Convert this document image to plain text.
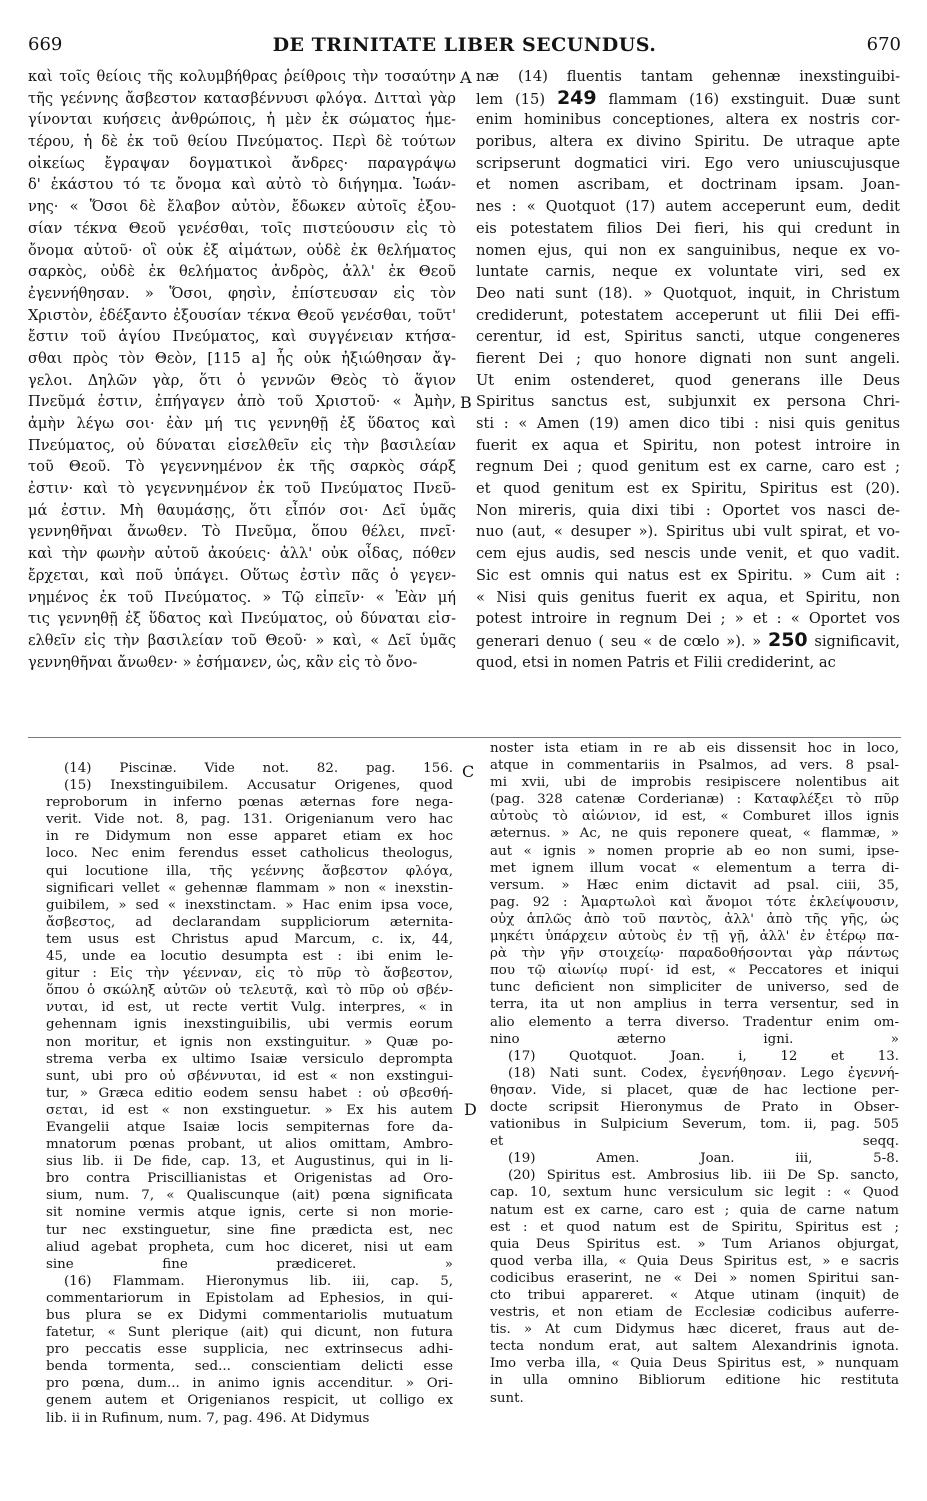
669	DE TRINITATE LIBER SECUNDUS.	670
καὶ τοῖς θείοις τῆς κολυμβήθρας ῥείθροις τὴν τοσαύτην
τῆς γεέννης ἄσβεστον κατασβέννυσι φλόγα. Διτταὶ γὰρ
γίνονται κυήσεις ἀνθρώποις, ἡ μὲν ἐκ σώματος ἡμε-
τέρου, ἡ δὲ ἐκ τοῦ θείου Πνεύματος. Περὶ δὲ τούτων
οἰκείως ἔγραψαν δογματικοὶ ἄνδρες· παραγράψω
δ' ἑκάστου τό τε ὄνομα καὶ αὐτὸ τὸ διήγημα. Ἰωάν-
νης· « Ὅσοι δὲ ἔλαβον αὐτὸν, ἔδωκεν αὐτοῖς ἐξου-
σίαν τέκνα Θεοῦ γενέσθαι, τοῖς πιστεύουσιν εἰς τὸ
ὄνομα αὐτοῦ· οἳ οὐκ ἐξ αἱμάτων, οὐδὲ ἐκ θελήματος
σαρκὸς, οὐδὲ ἐκ θελήματος ἀνδρὸς, ἀλλ' ἐκ Θεοῦ
ἐγεννήθησαν. » Ὅσοι, φησὶν, ἐπίστευσαν εἰς τὸν
Χριστὸν, ἐδέξαντο ἐξουσίαν τέκνα Θεοῦ γενέσθαι, τοῦτ'
ἔστιν τοῦ ἁγίου Πνεύματος, καὶ συγγένειαν κτήσα-
σθαι πρὸς τὸν Θεὸν, [115 a] ἧς οὐκ ἠξιώθησαν ἄγ-
γελοι. Δηλῶν γὰρ, ὅτι ὁ γεννῶν Θεὸς τὸ ἅγιον
Πνεῦμά ἐστιν, ἐπήγαγεν ἀπὸ τοῦ Χριστοῦ· « Ἀμὴν,
ἀμὴν λέγω σοι· ἐὰν μή τις γεννηθῇ ἐξ ὕδατος καὶ
Πνεύματος, οὐ δύναται εἰσελθεῖν εἰς τὴν βασιλείαν
τοῦ Θεοῦ. Τὸ γεγεννημένον ἐκ τῆς σαρκὸς σάρξ
ἐστιν· καὶ τὸ γεγεννημένον ἐκ τοῦ Πνεύματος Πνεῦ-
μά ἐστιν. Μὴ θαυμάσῃς, ὅτι εἶπόν σοι· Δεῖ ὑμᾶς
γεννηθῆναι ἄνωθεν. Τὸ Πνεῦμα, ὅπου θέλει, πνεῖ·
καὶ τὴν φωνὴν αὐτοῦ ἀκούεις· ἀλλ' οὐκ οἶδας, πόθεν
ἔρχεται, καὶ ποῦ ὑπάγει. Οὕτως ἐστὶν πᾶς ὁ γεγεν-
νημένος ἐκ τοῦ Πνεύματος. » Τῷ εἰπεῖν· « Ἐὰν μή
τις γεννηθῇ ἐξ ὕδατος καὶ Πνεύματος, οὐ δύναται εἰσ-
ελθεῖν εἰς τὴν βασιλείαν τοῦ Θεοῦ· » καὶ, « Δεῖ ὑμᾶς
γεννηθῆναι ἄνωθεν· » ἐσήμανεν, ὡς, κἂν εἰς τὸ ὄνο-
næ (14) fluentis tantam gehennæ inexstinguibi-
lem (15) 249 flammam (16) exstinguit. Duæ sunt
enim hominibus conceptiones, altera ex nostris cor-
poribus, altera ex divino Spiritu. De utraque apte
scripserunt dogmatici viri. Ego vero uniuscujusque
et nomen ascribam, et doctrinam ipsam. Joan-
nes : « Quotquot (17) autem acceperunt eum, dedit
eis potestatem filios Dei fieri, his qui credunt in
nomen ejus, qui non ex sanguinibus, neque ex vo-
luntate carnis, neque ex voluntate viri, sed ex
Deo nati sunt (18). » Quotquot, inquit, in Christum
crediderunt, potestatem acceperunt ut filii Dei effi-
cerentur, id est, Spiritus sancti, utque congeneres
fierent Dei ; quo honore dignati non sunt angeli.
Ut enim ostenderet, quod generans ille Deus
Spiritus sanctus est, subjunxit ex persona Chri-
sti : « Amen (19) amen dico tibi : nisi quis genitus
fuerit ex aqua et Spiritu, non potest introire in
regnum Dei ; quod genitum est ex carne, caro est ;
et quod genitum est ex Spiritu, Spiritus est (20).
Non mireris, quia dixi tibi : Oportet vos nasci de-
nuo (aut, « desuper »). Spiritus ubi vult spirat, et vo-
cem ejus audis, sed nescis unde venit, et quo vadit.
Sic est omnis qui natus est ex Spiritu. » Cum ait :
« Nisi quis genitus fuerit ex aqua, et Spiritu, non
potest introire in regnum Dei ; » et : « Oportet vos
generari denuo ( seu « de cœlo »). » 250 significavit,
quod, etsi in nomen Patris et Filii crediderint, ac
A
B
C
D
(14) Piscinæ. Vide not. 82. pag. 156.
(15) Inexstinguibilem. Accusatur Origenes, quod
reproborum in inferno pœnas æternas fore nega-
verit. Vide not. 8, pag. 131. Origenianum vero hac
in re Didymum non esse apparet etiam ex hoc
loco. Nec enim ferendus esset catholicus theologus,
qui locutione illa, τῆς γεέννης ἄσβεστον φλόγα,
significari vellet « gehennæ flammam » non « inexstin-
guibilem, » sed « inexstinctam. » Hac enim ipsa voce,
ἄσβεστος, ad declarandam suppliciorum æternita-
tem usus est Christus apud Marcum, c. ix, 44,
45, unde ea locutio desumpta est : ibi enim le-
gitur : Εἰς τὴν γέενναν, εἰς τὸ πῦρ τὸ ἄσβεστον,
ὅπου ὁ σκώληξ αὐτῶν οὐ τελευτᾷ, καὶ τὸ πῦρ οὐ σβέν-
νυται, id est, ut recte vertit Vulg. interpres, « in
gehennam ignis inexstinguibilis, ubi vermis eorum
non moritur, et ignis non exstinguitur. » Quæ po-
strema verba ex ultimo Isaiæ versiculo deprompta
sunt, ubi pro οὐ σβέννυται, id est « non exstingui-
tur, » Græca editio eodem sensu habet : οὐ σβεσθή-
σεται, id est « non exstinguetur. » Ex his autem
Evangelii atque Isaiæ locis sempiternas fore da-
mnatorum pœnas probant, ut alios omittam, Ambro-
sius lib. ii De fide, cap. 13, et Augustinus, qui in li-
bro contra Priscillianistas et Origenistas ad Oro-
sium, num. 7, « Qualiscunque (ait) pœna significata
sit nomine vermis atque ignis, certe si non morie-
tur nec exstinguetur, sine fine prædicta est, nec
aliud agebat propheta, cum hoc diceret, nisi ut eam
sine fine prædiceret. »
(16) Flammam. Hieronymus lib. iii, cap. 5,
commentariorum in Epistolam ad Ephesios, in qui-
bus plura se ex Didymi commentariolis mutuatum
fatetur, « Sunt plerique (ait) qui dicunt, non futura
pro peccatis esse supplicia, nec extrinsecus adhi-
benda tormenta, sed... conscientiam delicti esse
pro pœna, dum... in animo ignis accenditur. » Ori-
genem autem et Origenianos respicit, ut colligo ex
lib. ii in Rufinum, num. 7, pag. 496. At Didymus
noster ista etiam in re ab eis dissensit hoc in loco,
atque in commentariis in Psalmos, ad vers. 8 psal-
mi xvii, ubi de improbis resipiscere nolentibus ait
(pag. 328 catenæ Corderianæ) : Καταφλέξει τὸ πῦρ
αὐτοὺς τὸ αἰώνιον, id est, « Comburet illos ignis
æternus. » Ac, ne quis reponere queat, « flammæ, »
aut « ignis » nomen proprie ab eo non sumi, ipse-
met ignem illum vocat « elementum a terra di-
versum. » Hæc enim dictavit ad psal. ciii, 35,
pag. 92 : Ἁμαρτωλοὶ καὶ ἄνομοι τότε ἐκλείψουσιν,
οὐχ ἁπλῶς ἀπὸ τοῦ παντὸς, ἀλλ' ἀπὸ τῆς γῆς, ὡς
μηκέτι ὑπάρχειν αὐτοὺς ἐν τῇ γῇ, ἀλλ' ἐν ἑτέρῳ πα-
ρὰ τὴν γῆν στοιχείῳ· παραδοθήσονται γὰρ πάντως
που τῷ αἰωνίῳ πυρί· id est, « Peccatores et iniqui
tunc deficient non simpliciter de universo, sed de
terra, ita ut non amplius in terra versentur, sed in
alio elemento a terra diverso. Tradentur enim om-
nino æterno igni. »
(17) Quotquot. Joan. i, 12 et 13.
(18) Nati sunt. Codex, ἐγενήθησαν. Lego ἐγεννή-
θησαν. Vide, si placet, quæ de hac lectione per-
docte scripsit Hieronymus de Prato in Obser-
vationibus in Sulpicium Severum, tom. ii, pag. 505
et seqq.
(19) Amen. Joan. iii, 5-8.
(20) Spiritus est. Ambrosius lib. iii De Sp. sancto,
cap. 10, sextum hunc versiculum sic legit : « Quod
natum est ex carne, caro est ; quia de carne natum
est : et quod natum est de Spiritu, Spiritus est ;
quia Deus Spiritus est. » Tum Arianos objurgat,
quod verba illa, « Quia Deus Spiritus est, » e sacris
codicibus eraserint, ne « Dei » nomen Spiritui san-
cto tribui appareret. « Atque utinam (inquit) de
vestris, et non etiam de Ecclesiæ codicibus auferre-
tis. » At cum Didymus hæc diceret, fraus aut de-
tecta nondum erat, aut saltem Alexandrinis ignota.
Imo verba illa, « Quia Deus Spiritus est, » nunquam
in ulla omnino Bibliorum editione hic restituta
sunt.
